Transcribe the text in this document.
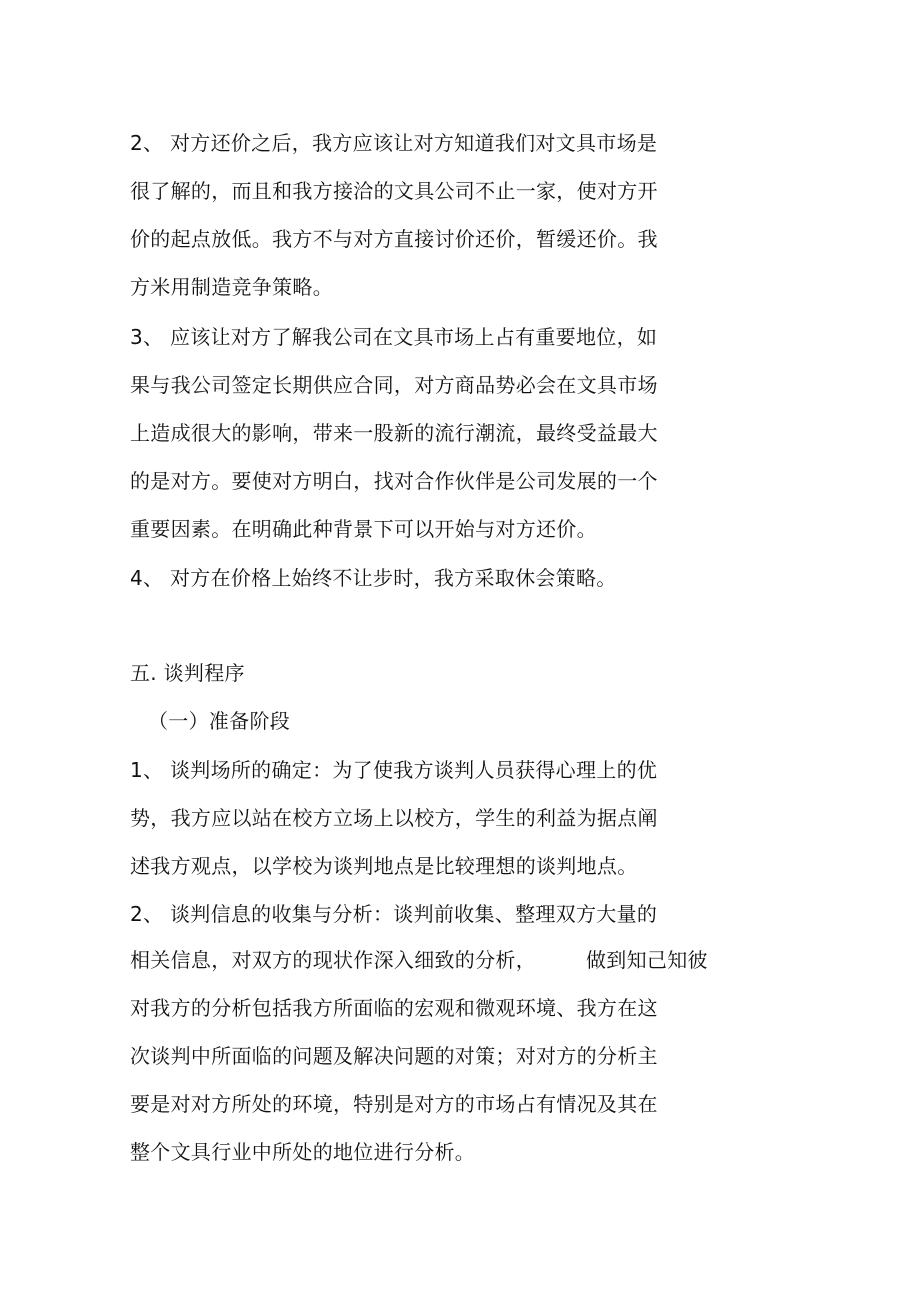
2、 对方还价之后，我方应该让对方知道我们对文具市场是
很了解的，而且和我方接洽的文具公司不止一家，使对方开
价的起点放低。我方不与对方直接讨价还价，暂缓还价。我
方米用制造竞争策略。
3、 应该让对方了解我公司在文具市场上占有重要地位，如
果与我公司签定长期供应合同，对方商品势必会在文具市场
上造成很大的影响，带来一股新的流行潮流，最终受益最大
的是对方。要使对方明白，找对合作伙伴是公司发展的一个
重要因素。在明确此种背景下可以开始与对方还价。
4、 对方在价格上始终不让步时，我方采取休会策略。
五. 谈判程序
（一）准备阶段
1、 谈判场所的确定：为了使我方谈判人员获得心理上的优
势，我方应以站在校方立场上以校方，学生的利益为据点阐
述我方观点，以学校为谈判地点是比较理想的谈判地点。
2、 谈判信息的收集与分析：谈判前收集、整理双方大量的
相关信息，对双方的现状作深入细致的分析，	做到知己知彼
对我方的分析包括我方所面临的宏观和微观环境、我方在这
次谈判中所面临的问题及解决问题的对策；对对方的分析主
要是对对方所处的环境，特别是对方的市场占有情况及其在
整个文具行业中所处的地位进行分析。
